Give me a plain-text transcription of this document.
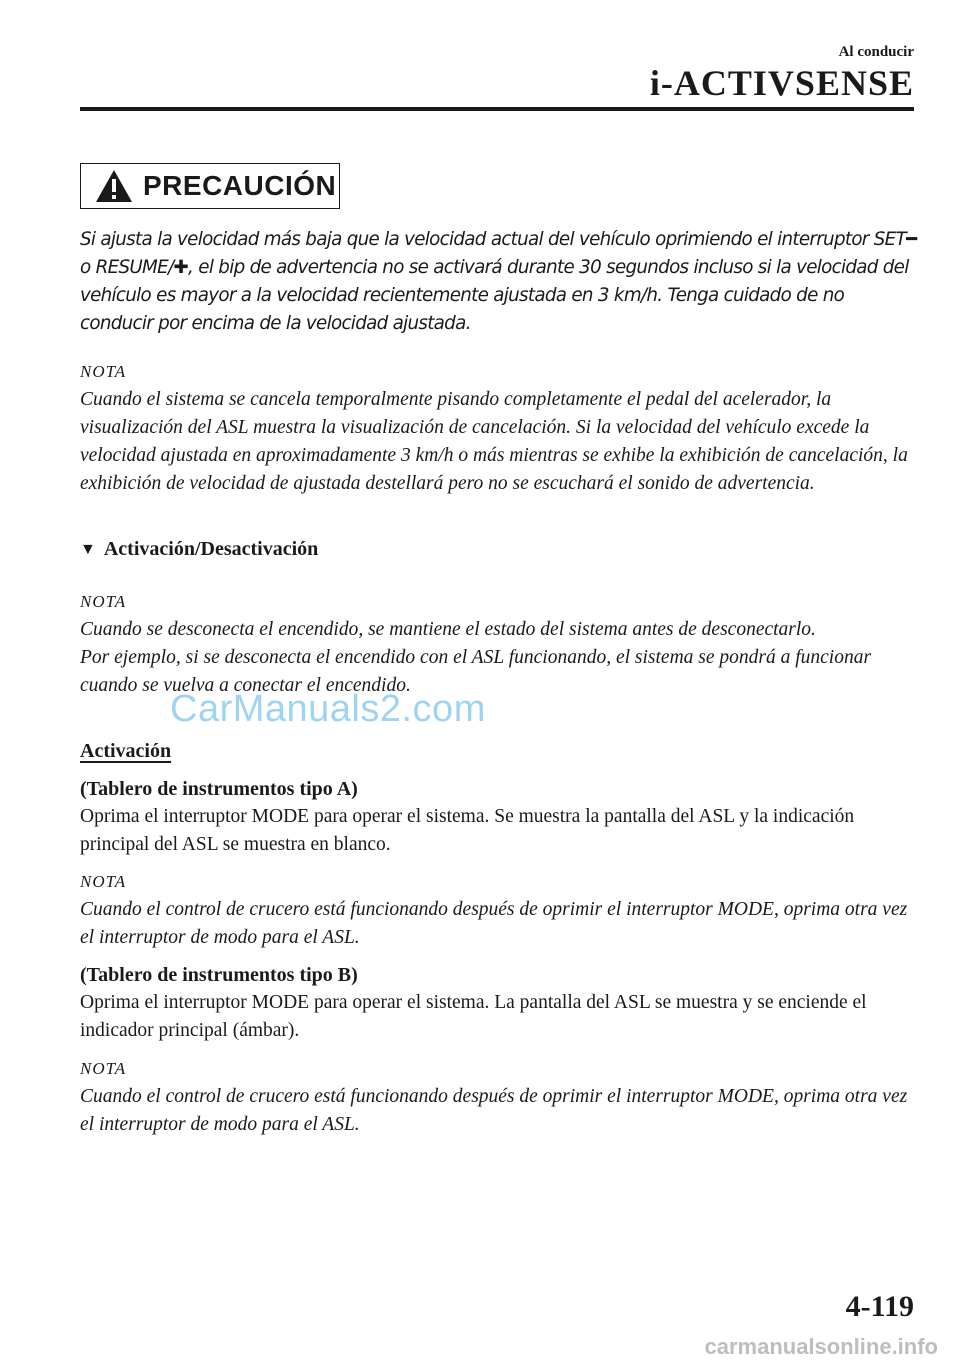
Al conducir
i-ACTIVSENSE
PRECAUCIÓN
Si ajusta la velocidad más baja que la velocidad actual del vehículo oprimiendo el interruptor SET━ o RESUME/✚, el bip de advertencia no se activará durante 30 segundos incluso si la velocidad del vehículo es mayor a la velocidad recientemente ajustada en 3 km/h. Tenga cuidado de no conducir por encima de la velocidad ajustada.
NOTA
Cuando el sistema se cancela temporalmente pisando completamente el pedal del acelerador, la visualización del ASL muestra la visualización de cancelación. Si la velocidad del vehículo excede la velocidad ajustada en aproximadamente 3 km/h o más mientras se exhibe la exhibición de cancelación, la exhibición de velocidad de ajustada destellará pero no se escuchará el sonido de advertencia.
▼ Activación/Desactivación
NOTA
Cuando se desconecta el encendido, se mantiene el estado del sistema antes de desconectarlo.
Por ejemplo, si se desconecta el encendido con el ASL funcionando, el sistema se pondrá a funcionar cuando se vuelva a conectar el encendido.
Activación
(Tablero de instrumentos tipo A)
Oprima el interruptor MODE para operar el sistema. Se muestra la pantalla del ASL y la indicación principal del ASL se muestra en blanco.
NOTA
Cuando el control de crucero está funcionando después de oprimir el interruptor MODE, oprima otra vez el interruptor de modo para el ASL.
(Tablero de instrumentos tipo B)
Oprima el interruptor MODE para operar el sistema. La pantalla del ASL se muestra y se enciende el indicador principal (ámbar).
NOTA
Cuando el control de crucero está funcionando después de oprimir el interruptor MODE, oprima otra vez el interruptor de modo para el ASL.
CarManuals2.com
4-119
carmanualsonline.info
